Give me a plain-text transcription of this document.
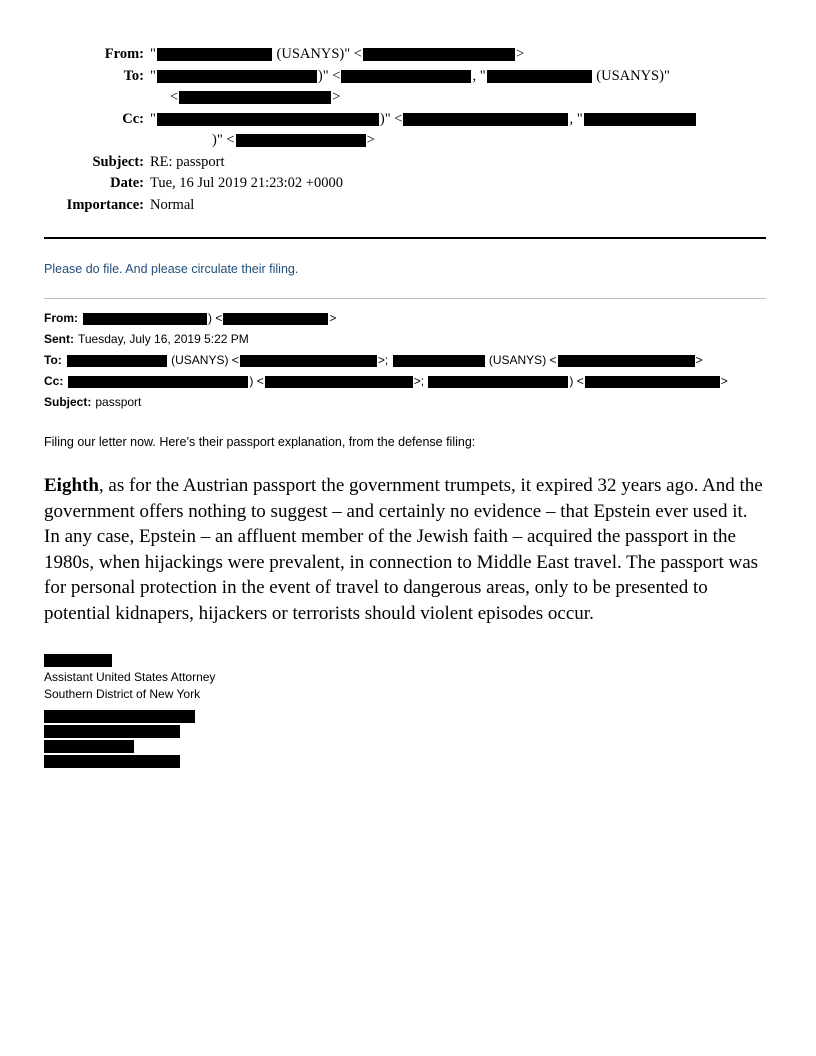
From: "	(USANYS)" <	>
To: "	)" <	, "	(USANYS)"
<	>
Cc: "	)" <	, "
)" <	>
Subject: RE: passport
Date: Tue, 16 Jul 2019 21:23:02 +0000
Importance: Normal
Please do file. And please circulate their filing.
From:	) <	>
Sent: Tuesday, July 16, 2019 5:22 PM
To:	(USANYS) <	>;	(USANYS) <	>
Cc:	) <	>;	) <	>
Subject: passport
Filing our letter now. Here’s their passport explanation, from the defense filing:
Eighth, as for the Austrian passport the government trumpets, it expired 32 years ago. And the government offers nothing to suggest – and certainly no evidence – that Epstein ever used it. In any case, Epstein – an affluent member of the Jewish faith – acquired the passport in the 1980s, when hijackings were prevalent, in connection to Middle East travel. The passport was for personal protection in the event of travel to dangerous areas, only to be presented to potential kidnapers, hijackers or terrorists should violent episodes occur.
Assistant United States Attorney
Southern District of New York
